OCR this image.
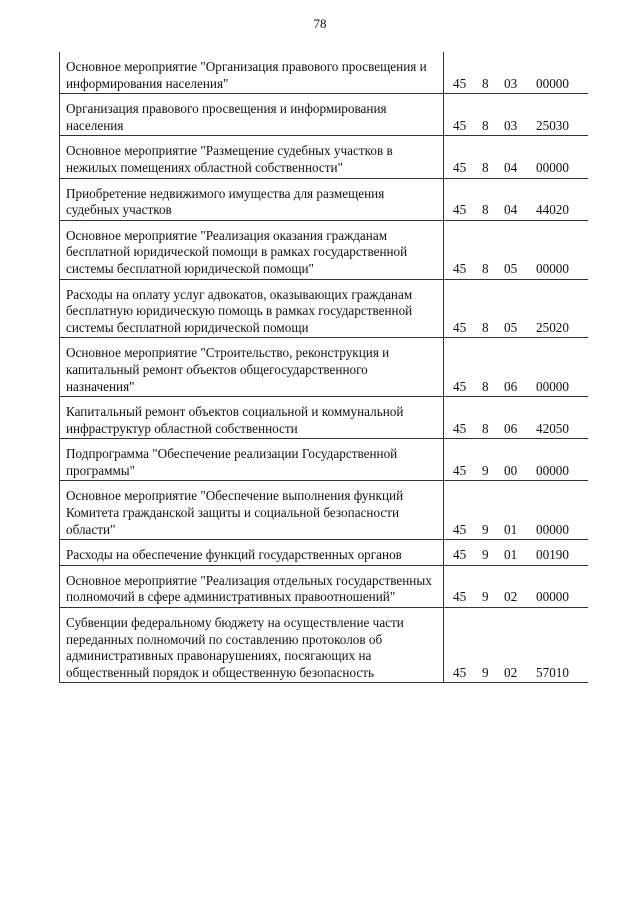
78
Основное мероприятие "Организация правового просвещения и информирования населения"	45	8	03	00000
Организация правового просвещения и информирования населения	45	8	03	25030
Основное мероприятие "Размещение судебных участков в нежилых помещениях областной собственности"	45	8	04	00000
Приобретение недвижимого имущества для размещения судебных участков	45	8	04	44020
Основное мероприятие "Реализация оказания гражданам бесплатной юридической помощи в рамках государственной системы бесплатной юридической помощи"	45	8	05	00000
Расходы на оплату услуг адвокатов, оказывающих гражданам бесплатную юридическую помощь в рамках государственной системы бесплатной юридической помощи	45	8	05	25020
Основное мероприятие "Строительство, реконструкция и капитальный ремонт объектов общегосударственного назначения"	45	8	06	00000
Капитальный ремонт объектов социальной и коммунальной инфраструктур областной собственности	45	8	06	42050
Подпрограмма "Обеспечение реализации Государственной программы"	45	9	00	00000
Основное мероприятие "Обеспечение выполнения функций Комитета гражданской защиты и социальной безопасности области"	45	9	01	00000
Расходы на обеспечение функций государственных органов	45	9	01	00190
Основное мероприятие "Реализация отдельных государственных полномочий в сфере административных правоотношений"	45	9	02	00000
Субвенции федеральному бюджету на осуществление части переданных полномочий по составлению протоколов об административных правонарушениях, посягающих на общественный порядок и общественную безопасность	45	9	02	57010
